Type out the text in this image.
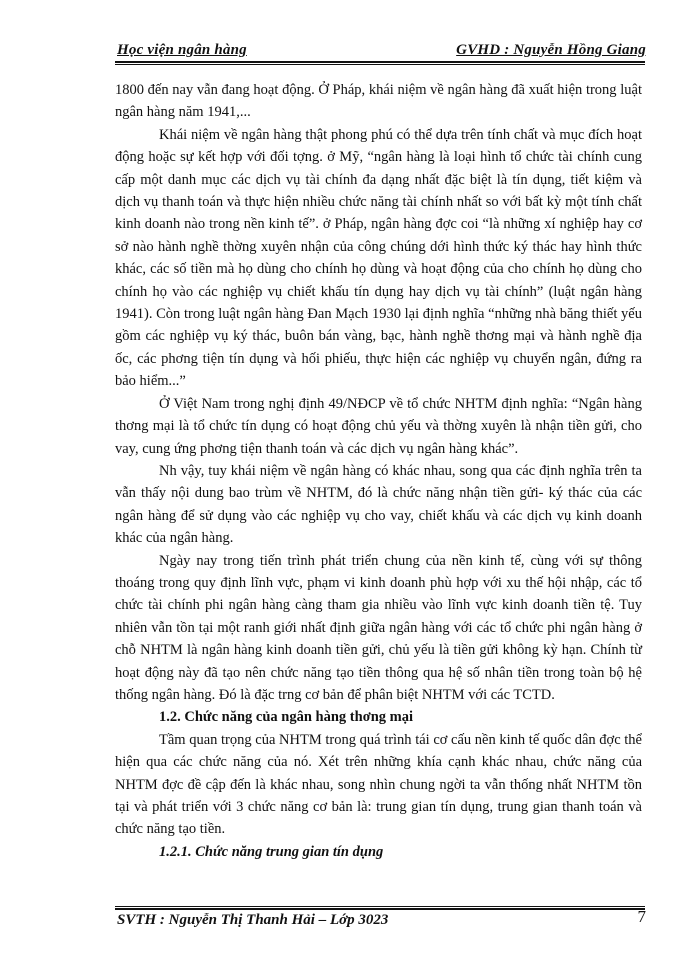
Học viện ngân hàng	GVHD : Nguyễn Hồng Giang

1800 đến nay vẫn đang hoạt động. Ở Pháp, khái niệm về ngân hàng đã xuất hiện trong luật ngân hàng năm 1941,...

Khái niệm về ngân hàng thật phong phú có thể dựa trên tính chất và mục đích hoạt động hoặc sự kết hợp với đối tợng. ở Mỹ, “ngân hàng là loại hình tổ chức tài chính cung cấp một danh mục các dịch vụ tài chính đa dạng nhất đặc biệt là tín dụng, tiết kiệm và dịch vụ thanh toán và thực hiện nhiều chức năng tài chính nhất so với bất kỳ một tính chất kinh doanh nào trong nền kinh tế”. ở Pháp, ngân hàng đợc coi “là những xí nghiệp hay cơ sở nào hành nghề thờng xuyên nhận của công chúng dới hình thức ký thác hay hình thức khác, các số tiền mà họ dùng cho chính họ dùng và hoạt động của cho chính họ dùng cho chính họ vào các nghiệp vụ chiết khấu tín dụng hay dịch vụ tài chính” (luật ngân hàng 1941). Còn trong luật ngân hàng Đan Mạch 1930 lại định nghĩa “những nhà băng thiết yếu gồm các nghiệp vụ ký thác, buôn bán vàng, bạc, hành nghề thơng mại và hành nghề địa ốc, các phơng tiện tín dụng và hối phiếu, thực hiện các nghiệp vụ chuyển ngân, đứng ra bảo hiểm...”

Ở Việt Nam trong nghị định 49/NĐCP về tổ chức NHTM định nghĩa: “Ngân hàng thơng mại là tổ chức tín dụng có hoạt động chủ yếu và thờng xuyên là nhận tiền gửi, cho vay, cung ứng phơng tiện thanh toán và các dịch vụ ngân hàng khác”.

Nh vậy, tuy khái niệm về ngân hàng có khác nhau, song qua các định nghĩa trên ta vẫn thấy nội dung bao trùm về NHTM, đó là chức năng nhận tiền gửi- ký thác của các ngân hàng để sử dụng vào các nghiệp vụ cho vay, chiết khấu và các dịch vụ kinh doanh khác của ngân hàng.

Ngày nay trong tiến trình phát triển chung của nền kinh tế, cùng với sự thông thoáng trong quy định lĩnh vực, phạm vi kinh doanh phù hợp với xu thế hội nhập, các tổ chức tài chính phi ngân hàng càng tham gia nhiều vào lĩnh vực kinh doanh tiền tệ. Tuy nhiên vẫn tồn tại một ranh giới nhất định giữa ngân hàng với các tổ chức phi ngân hàng ở chỗ NHTM là ngân hàng kinh doanh tiền gửi, chủ yếu là tiền gửi không kỳ hạn. Chính từ hoạt động này đã tạo nên chức năng tạo tiền thông qua hệ số nhân tiền trong toàn bộ hệ thống ngân hàng. Đó là đặc trng cơ bản để phân biệt NHTM với các TCTD.

1.2. Chức năng của ngân hàng thơng mại

Tầm quan trọng của NHTM trong quá trình tái cơ cấu nền kinh tế quốc dân đợc thể hiện qua các chức năng của nó. Xét trên những khía cạnh khác nhau, chức năng của NHTM đợc đề cập đến là khác nhau, song nhìn chung ngời ta vẫn thống nhất NHTM tồn tại và phát triển với 3 chức năng cơ bản là: trung gian tín dụng, trung gian thanh toán và chức năng tạo tiền.

1.2.1. Chức năng trung gian tín dụng
SVTH : Nguyễn Thị Thanh Hải – Lớp 3023	7
